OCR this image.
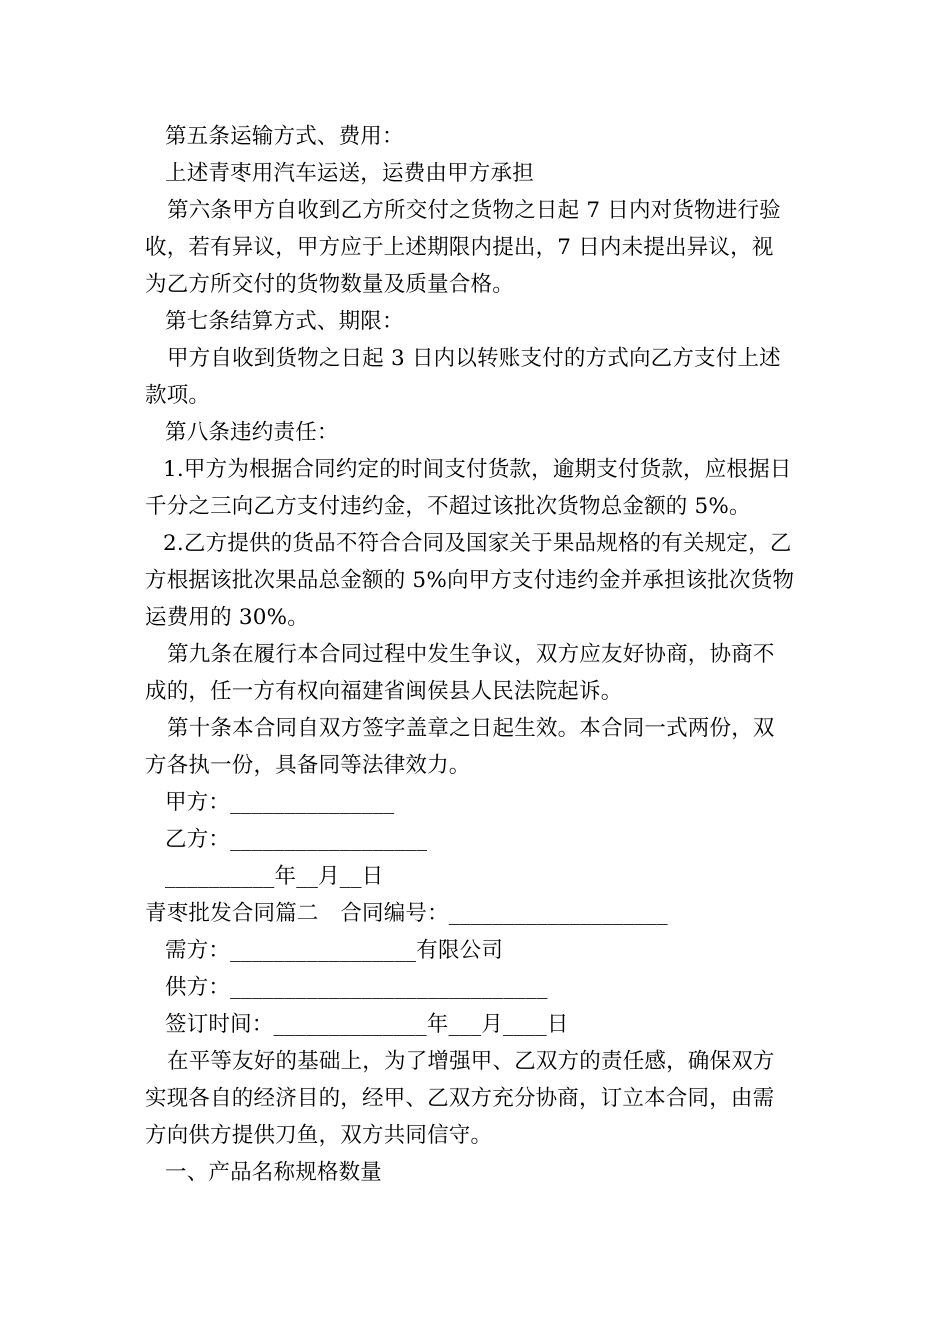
第五条运输方式、费用：
上述青枣用汽车运送，运费由甲方承担
第六条甲方自收到乙方所交付之货物之日起 7 日内对货物进行验
收，若有异议，甲方应于上述期限内提出，7 日内未提出异议，视
为乙方所交付的货物数量及质量合格。
第七条结算方式、期限：
甲方自收到货物之日起 3 日内以转账支付的方式向乙方支付上述
款项。
第八条违约责任：
1.甲方为根据合同约定的时间支付货款，逾期支付货款，应根据日
千分之三向乙方支付违约金，不超过该批次货物总金额的 5%。
2.乙方提供的货品不符合合同及国家关于果品规格的有关规定，乙
方根据该批次果品总金额的 5%向甲方支付违约金并承担该批次货物
运费用的 30%。
第九条在履行本合同过程中发生争议，双方应友好协商，协商不
成的，任一方有权向福建省闽侯县人民法院起诉。
第十条本合同自双方签字盖章之日起生效。本合同一式两份，双
方各执一份，具备同等法律效力。
甲方：_______________
乙方：__________________
__________年__月__日
青枣批发合同篇二　合同编号：____________________
需方：_________________有限公司
供方：_____________________________
签订时间：______________年___月____日
在平等友好的基础上，为了增强甲、乙双方的责任感，确保双方
实现各自的经济目的，经甲、乙双方充分协商，订立本合同，由需
方向供方提供刀鱼，双方共同信守。
一、产品名称规格数量
